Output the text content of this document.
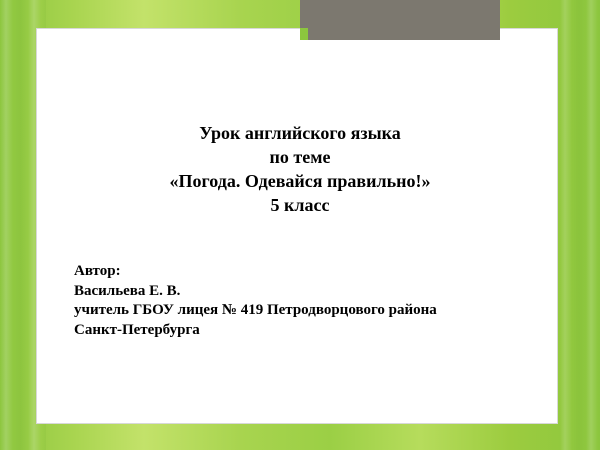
Урок английского языка
по теме
«Погода. Одевайся правильно!»
5 класс
Автор:
Васильева Е. В.
учитель ГБОУ лицея № 419 Петродворцового района
Санкт-Петербурга
